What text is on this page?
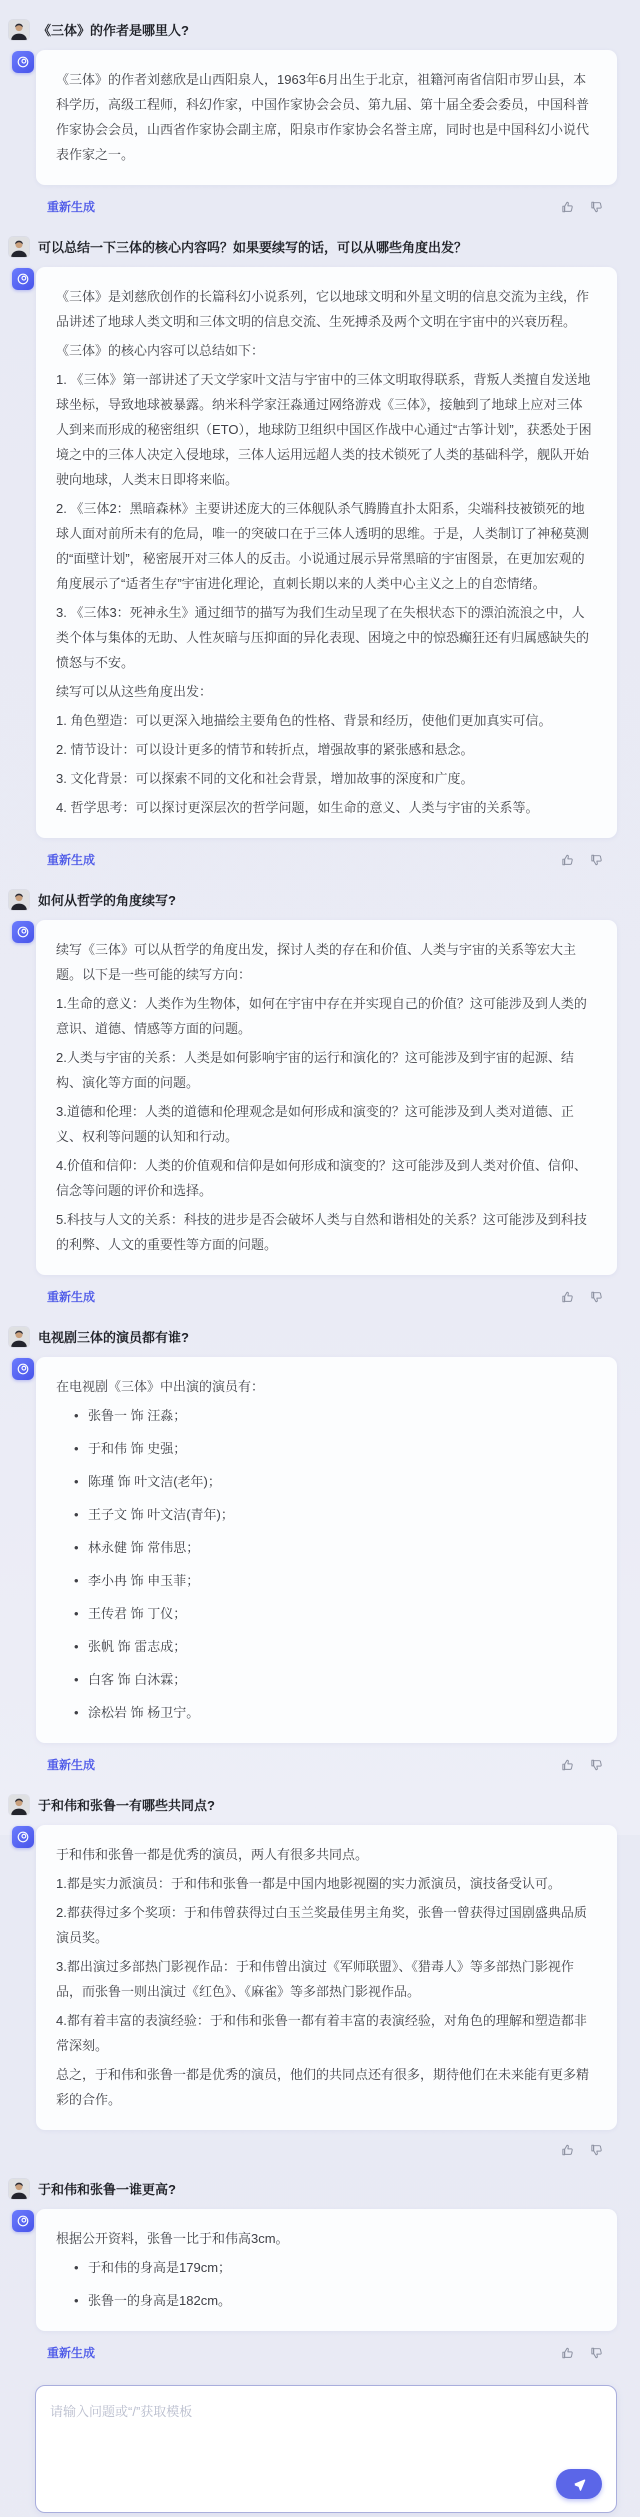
《三体》的作者是哪里人?
《三体》的作者刘慈欣是山西阳泉人，1963年6月出生于北京，祖籍河南省信阳市罗山县，本科学历，高级工程师，科幻作家，中国作家协会会员、第九届、第十届全委会委员，中国科普作家协会会员，山西省作家协会副主席，阳泉市作家协会名誉主席，同时也是中国科幻小说代表作家之一。
重新生成
可以总结一下三体的核心内容吗？如果要续写的话，可以从哪些角度出发？
《三体》是刘慈欣创作的长篇科幻小说系列，它以地球文明和外星文明的信息交流为主线，作品讲述了地球人类文明和三体文明的信息交流、生死搏杀及两个文明在宇宙中的兴衰历程。
《三体》的核心内容可以总结如下：
1. 《三体》第一部讲述了天文学家叶文洁与宇宙中的三体文明取得联系，背叛人类擅自发送地球坐标，导致地球被暴露。纳米科学家汪淼通过网络游戏《三体》，接触到了地球上应对三体人到来而形成的秘密组织（ETO），地球防卫组织中国区作战中心通过“古筝计划”，获悉处于困境之中的三体人决定入侵地球，三体人运用远超人类的技术锁死了人类的基础科学，舰队开始驶向地球，人类末日即将来临。
2. 《三体2：黑暗森林》主要讲述庞大的三体舰队杀气腾腾直扑太阳系，尖端科技被锁死的地球人面对前所未有的危局，唯一的突破口在于三体人透明的思维。于是，人类制订了神秘莫测的“面壁计划”，秘密展开对三体人的反击。小说通过展示异常黑暗的宇宙图景，在更加宏观的角度展示了“适者生存”宇宙进化理论，直刺长期以来的人类中心主义之上的自恋情绪。
3. 《三体3：死神永生》通过细节的描写为我们生动呈现了在失根状态下的漂泊流浪之中，人类个体与集体的无助、人性灰暗与压抑面的异化表现、困境之中的惊恐癫狂还有归属感缺失的愤怒与不安。
续写可以从这些角度出发：
1. 角色塑造：可以更深入地描绘主要角色的性格、背景和经历，使他们更加真实可信。
2. 情节设计：可以设计更多的情节和转折点，增强故事的紧张感和悬念。
3. 文化背景：可以探索不同的文化和社会背景，增加故事的深度和广度。
4. 哲学思考：可以探讨更深层次的哲学问题，如生命的意义、人类与宇宙的关系等。
重新生成
如何从哲学的角度续写?
续写《三体》可以从哲学的角度出发，探讨人类的存在和价值、人类与宇宙的关系等宏大主题。以下是一些可能的续写方向：
1.生命的意义：人类作为生物体，如何在宇宙中存在并实现自己的价值？这可能涉及到人类的意识、道德、情感等方面的问题。
2.人类与宇宙的关系：人类是如何影响宇宙的运行和演化的？这可能涉及到宇宙的起源、结构、演化等方面的问题。
3.道德和伦理：人类的道德和伦理观念是如何形成和演变的？这可能涉及到人类对道德、正义、权利等问题的认知和行动。
4.价值和信仰：人类的价值观和信仰是如何形成和演变的？这可能涉及到人类对价值、信仰、信念等问题的评价和选择。
5.科技与人文的关系：科技的进步是否会破坏人类与自然和谐相处的关系？这可能涉及到科技的利弊、人文的重要性等方面的问题。
重新生成
电视剧三体的演员都有谁?
在电视剧《三体》中出演的演员有：
• 张鲁一 饰 汪淼；
• 于和伟 饰 史强；
• 陈瑾 饰 叶文洁(老年)；
• 王子文 饰 叶文洁(青年)；
• 林永健 饰 常伟思；
• 李小冉 饰 申玉菲；
• 王传君 饰 丁仪；
• 张帆 饰 雷志成；
• 白客 饰 白沐霖；
• 涂松岩 饰 杨卫宁。
重新生成
于和伟和张鲁一有哪些共同点?
于和伟和张鲁一都是优秀的演员，两人有很多共同点。
1.都是实力派演员：于和伟和张鲁一都是中国内地影视圈的实力派演员，演技备受认可。
2.都获得过多个奖项：于和伟曾获得过白玉兰奖最佳男主角奖，张鲁一曾获得过国剧盛典品质演员奖。
3.都出演过多部热门影视作品：于和伟曾出演过《军师联盟》、《猎毒人》等多部热门影视作品，而张鲁一则出演过《红色》、《麻雀》等多部热门影视作品。
4.都有着丰富的表演经验：于和伟和张鲁一都有着丰富的表演经验，对角色的理解和塑造都非常深刻。
总之，于和伟和张鲁一都是优秀的演员，他们的共同点还有很多，期待他们在未来能有更多精彩的合作。
于和伟和张鲁一谁更高?
根据公开资料，张鲁一比于和伟高3cm。
• 于和伟的身高是179cm；
• 张鲁一的身高是182cm。
重新生成
请输入问题或“/”获取模板
